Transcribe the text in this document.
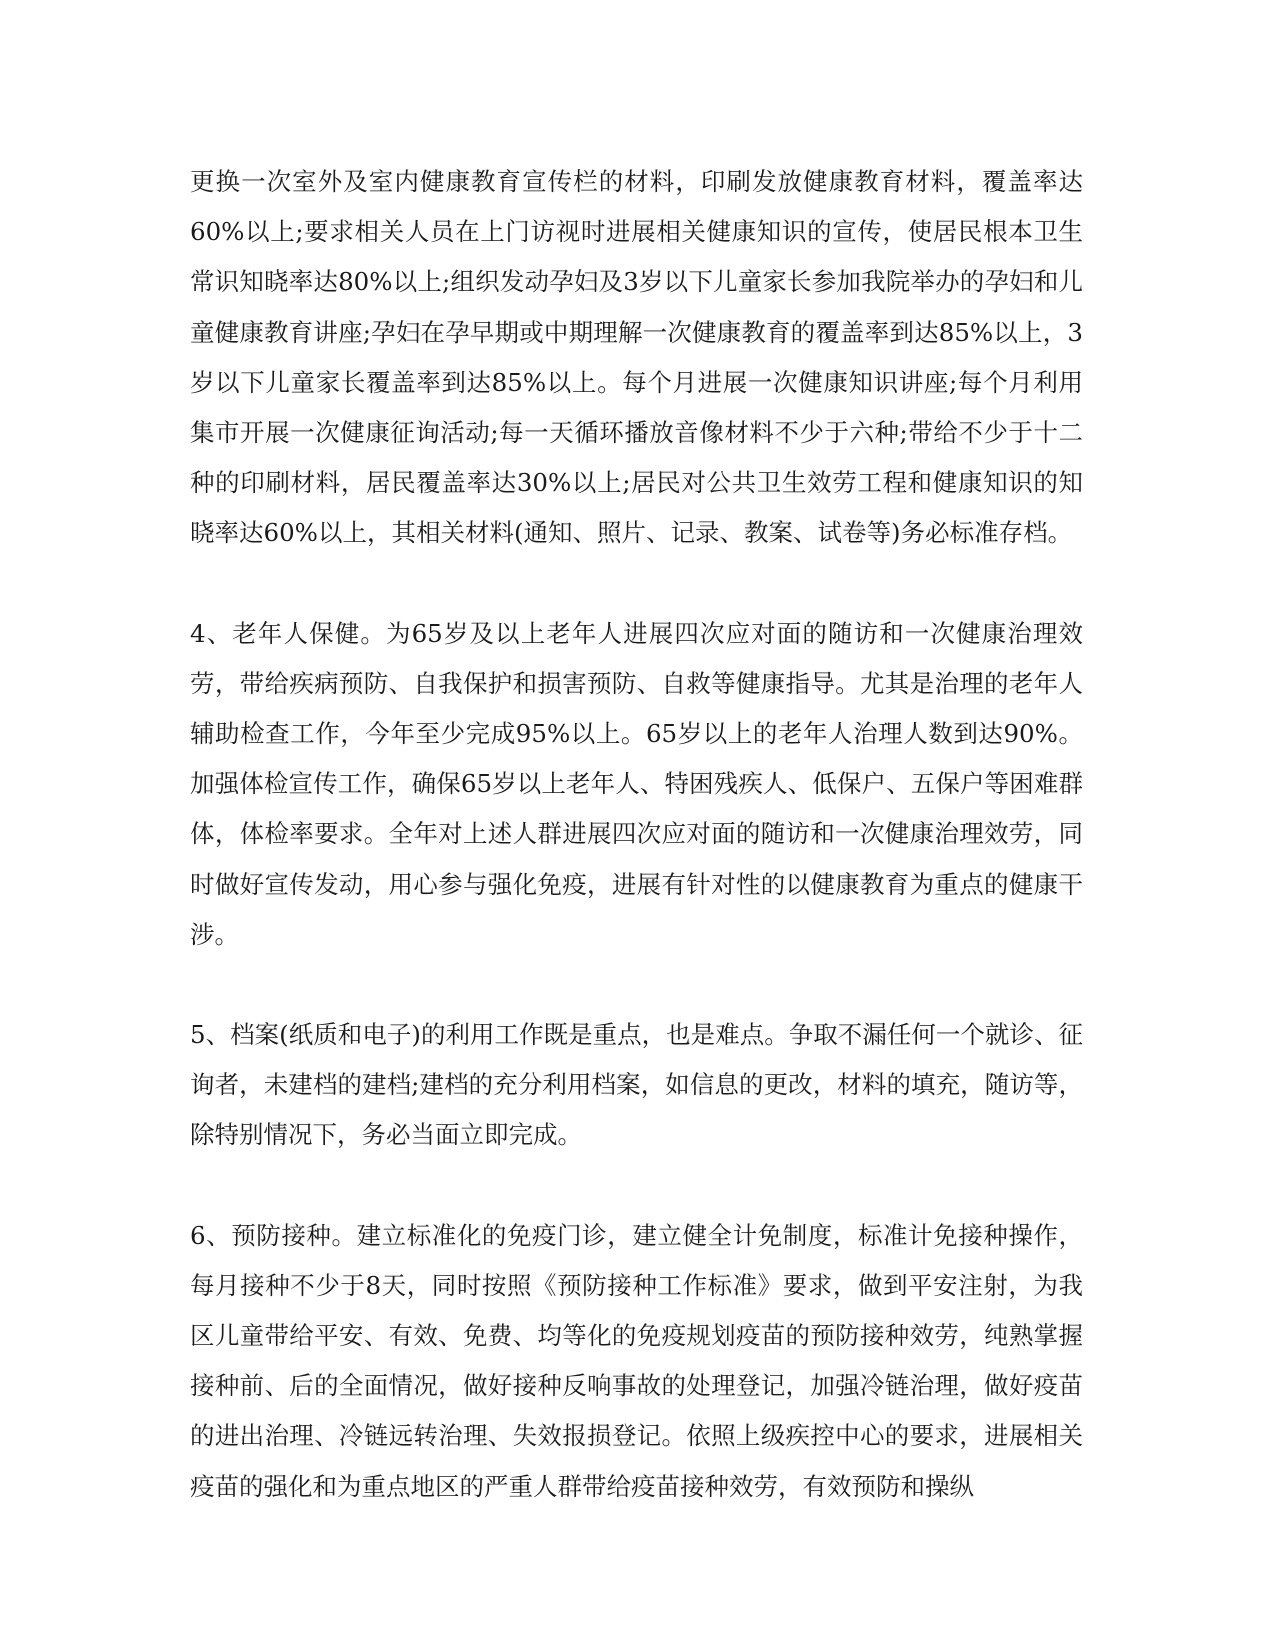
更换一次室外及室内健康教育宣传栏的材料，印刷发放健康教育材料，覆盖率达60%以上;要求相关人员在上门访视时进展相关健康知识的宣传，使居民根本卫生常识知晓率达80%以上;组织发动孕妇及3岁以下儿童家长参加我院举办的孕妇和儿童健康教育讲座;孕妇在孕早期或中期理解一次健康教育的覆盖率到达85%以上，3岁以下儿童家长覆盖率到达85%以上。每个月进展一次健康知识讲座;每个月利用集市开展一次健康征询活动;每一天循环播放音像材料不少于六种;带给不少于十二种的印刷材料，居民覆盖率达30%以上;居民对公共卫生效劳工程和健康知识的知晓率达60%以上，其相关材料(通知、照片、记录、教案、试卷等)务必标准存档。

4、老年人保健。为65岁及以上老年人进展四次应对面的随访和一次健康治理效劳，带给疾病预防、自我保护和损害预防、自救等健康指导。尤其是治理的老年人辅助检查工作，今年至少完成95%以上。65岁以上的老年人治理人数到达90%。加强体检宣传工作，确保65岁以上老年人、特困残疾人、低保户、五保户等困难群体，体检率要求。全年对上述人群进展四次应对面的随访和一次健康治理效劳，同时做好宣传发动，用心参与强化免疫，进展有针对性的以健康教育为重点的健康干涉。

5、档案(纸质和电子)的利用工作既是重点，也是难点。争取不漏任何一个就诊、征询者，未建档的建档;建档的充分利用档案，如信息的更改，材料的填充，随访等，除特别情况下，务必当面立即完成。

6、预防接种。建立标准化的免疫门诊，建立健全计免制度，标准计免接种操作，每月接种不少于8天，同时按照《预防接种工作标准》要求，做到平安注射，为我区儿童带给平安、有效、免费、均等化的免疫规划疫苗的预防接种效劳，纯熟掌握接种前、后的全面情况，做好接种反响事故的处理登记，加强冷链治理，做好疫苗的进出治理、冷链远转治理、失效报损登记。依照上级疾控中心的要求，进展相关疫苗的强化和为重点地区的严重人群带给疫苗接种效劳，有效预防和操纵
